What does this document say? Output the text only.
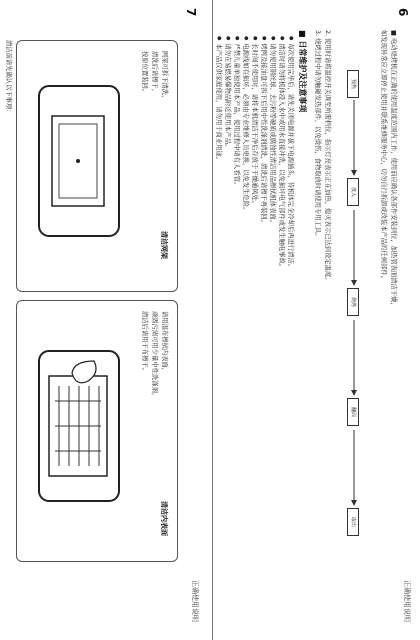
正确使用说明
6
■ 电动烧烤机在正确的使用温度范围内工作，使用前应确认各部件安装到位，加热管表面清洁干燥，
如发现异常应立即停止使用并联系维修服务中心，切勿自行拆卸或改装本产品的任何部件。
预热
放入
烧烤
翻面
取出
2. 使用时请将温控开关调至所需档位，指示灯亮表示正在加热，熄灭表示已达到设定温度。
3. 烧烤过程中请勿触碰发热部件，以免烫伤，食物取放时请使用专用工具。
■ 日常维护及注意事项
● 每次使用完毕后，请先关闭电源并拔下电源插头，待机体完全冷却后再进行清洁。
● 清洁时请勿将机体浸入水中或用水直接冲洗，以免损坏电气部件或发生触电事故。
● 请勿使用钢丝球、去污粉等硬质或腐蚀性清洁用品擦拭机体表面。
● 烤网及接油盘可拆下后用中性洗涤剂清洗，清洗后请擦干再装回。
● 长时间不使用时，请将本机清洁干净后存放于干燥通风处。
● 电源线如有损坏，必须由专业维修人员更换，以免发生危险。
● 严禁儿童单独使用本产品，使用过程中请有人看管。
● 请勿在易燃易爆物品附近使用本产品。
● 本产品仅供家庭使用，请勿用于商业用途。
正确使用说明
7
清洁内表面
请用湿布擦拭内表面，
顽固污渍可用少量中性洗涤剂，
清洁后请用干布擦干。
清洁网架
网架可拆下清洗，
清洗后请擦干，
按原位置装回。
清洁前请先确认以下事项：
